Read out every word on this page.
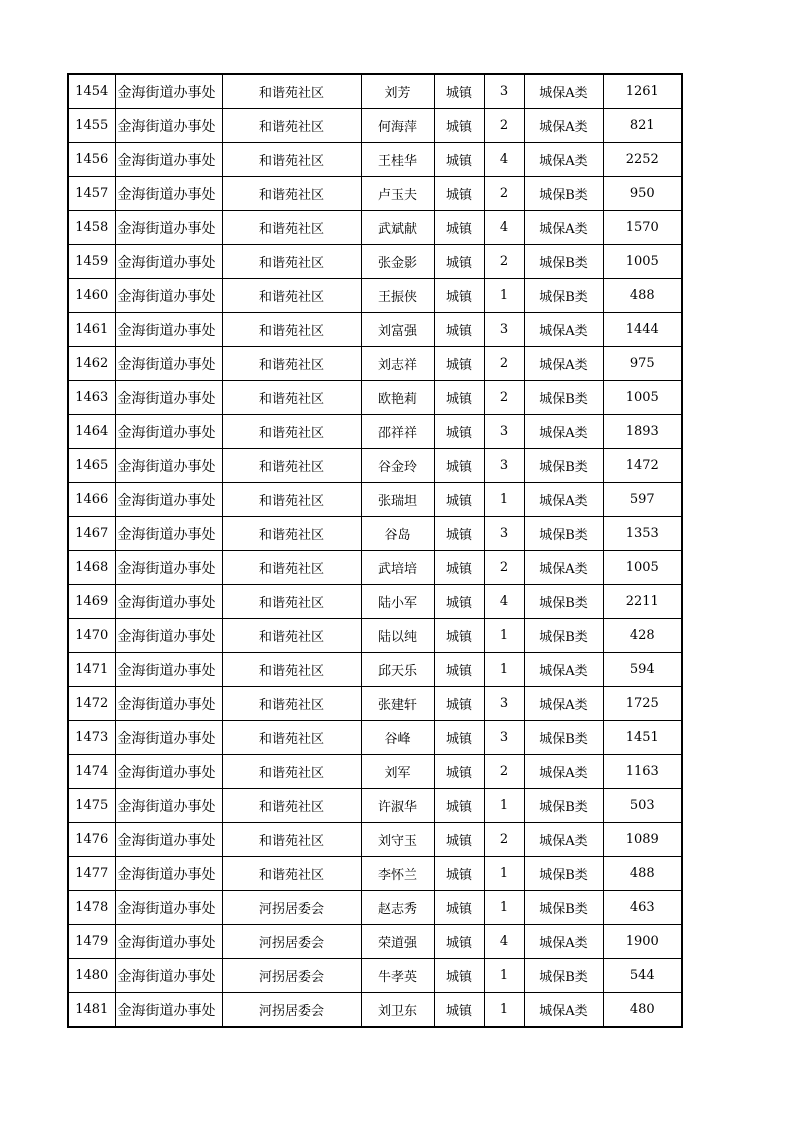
1454	金海街道办事处	和谐苑社区	刘芳	城镇	3	城保A类	1261
1455	金海街道办事处	和谐苑社区	何海萍	城镇	2	城保A类	821
1456	金海街道办事处	和谐苑社区	王桂华	城镇	4	城保A类	2252
1457	金海街道办事处	和谐苑社区	卢玉夫	城镇	2	城保B类	950
1458	金海街道办事处	和谐苑社区	武斌献	城镇	4	城保A类	1570
1459	金海街道办事处	和谐苑社区	张金影	城镇	2	城保B类	1005
1460	金海街道办事处	和谐苑社区	王振侠	城镇	1	城保B类	488
1461	金海街道办事处	和谐苑社区	刘富强	城镇	3	城保A类	1444
1462	金海街道办事处	和谐苑社区	刘志祥	城镇	2	城保A类	975
1463	金海街道办事处	和谐苑社区	欧艳莉	城镇	2	城保B类	1005
1464	金海街道办事处	和谐苑社区	邵祥祥	城镇	3	城保A类	1893
1465	金海街道办事处	和谐苑社区	谷金玲	城镇	3	城保B类	1472
1466	金海街道办事处	和谐苑社区	张瑞坦	城镇	1	城保A类	597
1467	金海街道办事处	和谐苑社区	谷岛	城镇	3	城保B类	1353
1468	金海街道办事处	和谐苑社区	武培培	城镇	2	城保A类	1005
1469	金海街道办事处	和谐苑社区	陆小军	城镇	4	城保B类	2211
1470	金海街道办事处	和谐苑社区	陆以纯	城镇	1	城保B类	428
1471	金海街道办事处	和谐苑社区	邱天乐	城镇	1	城保A类	594
1472	金海街道办事处	和谐苑社区	张建轩	城镇	3	城保A类	1725
1473	金海街道办事处	和谐苑社区	谷峰	城镇	3	城保B类	1451
1474	金海街道办事处	和谐苑社区	刘军	城镇	2	城保A类	1163
1475	金海街道办事处	和谐苑社区	许淑华	城镇	1	城保B类	503
1476	金海街道办事处	和谐苑社区	刘守玉	城镇	2	城保A类	1089
1477	金海街道办事处	和谐苑社区	李怀兰	城镇	1	城保B类	488
1478	金海街道办事处	河拐居委会	赵志秀	城镇	1	城保B类	463
1479	金海街道办事处	河拐居委会	荣道强	城镇	4	城保A类	1900
1480	金海街道办事处	河拐居委会	牛孝英	城镇	1	城保B类	544
1481	金海街道办事处	河拐居委会	刘卫东	城镇	1	城保A类	480
